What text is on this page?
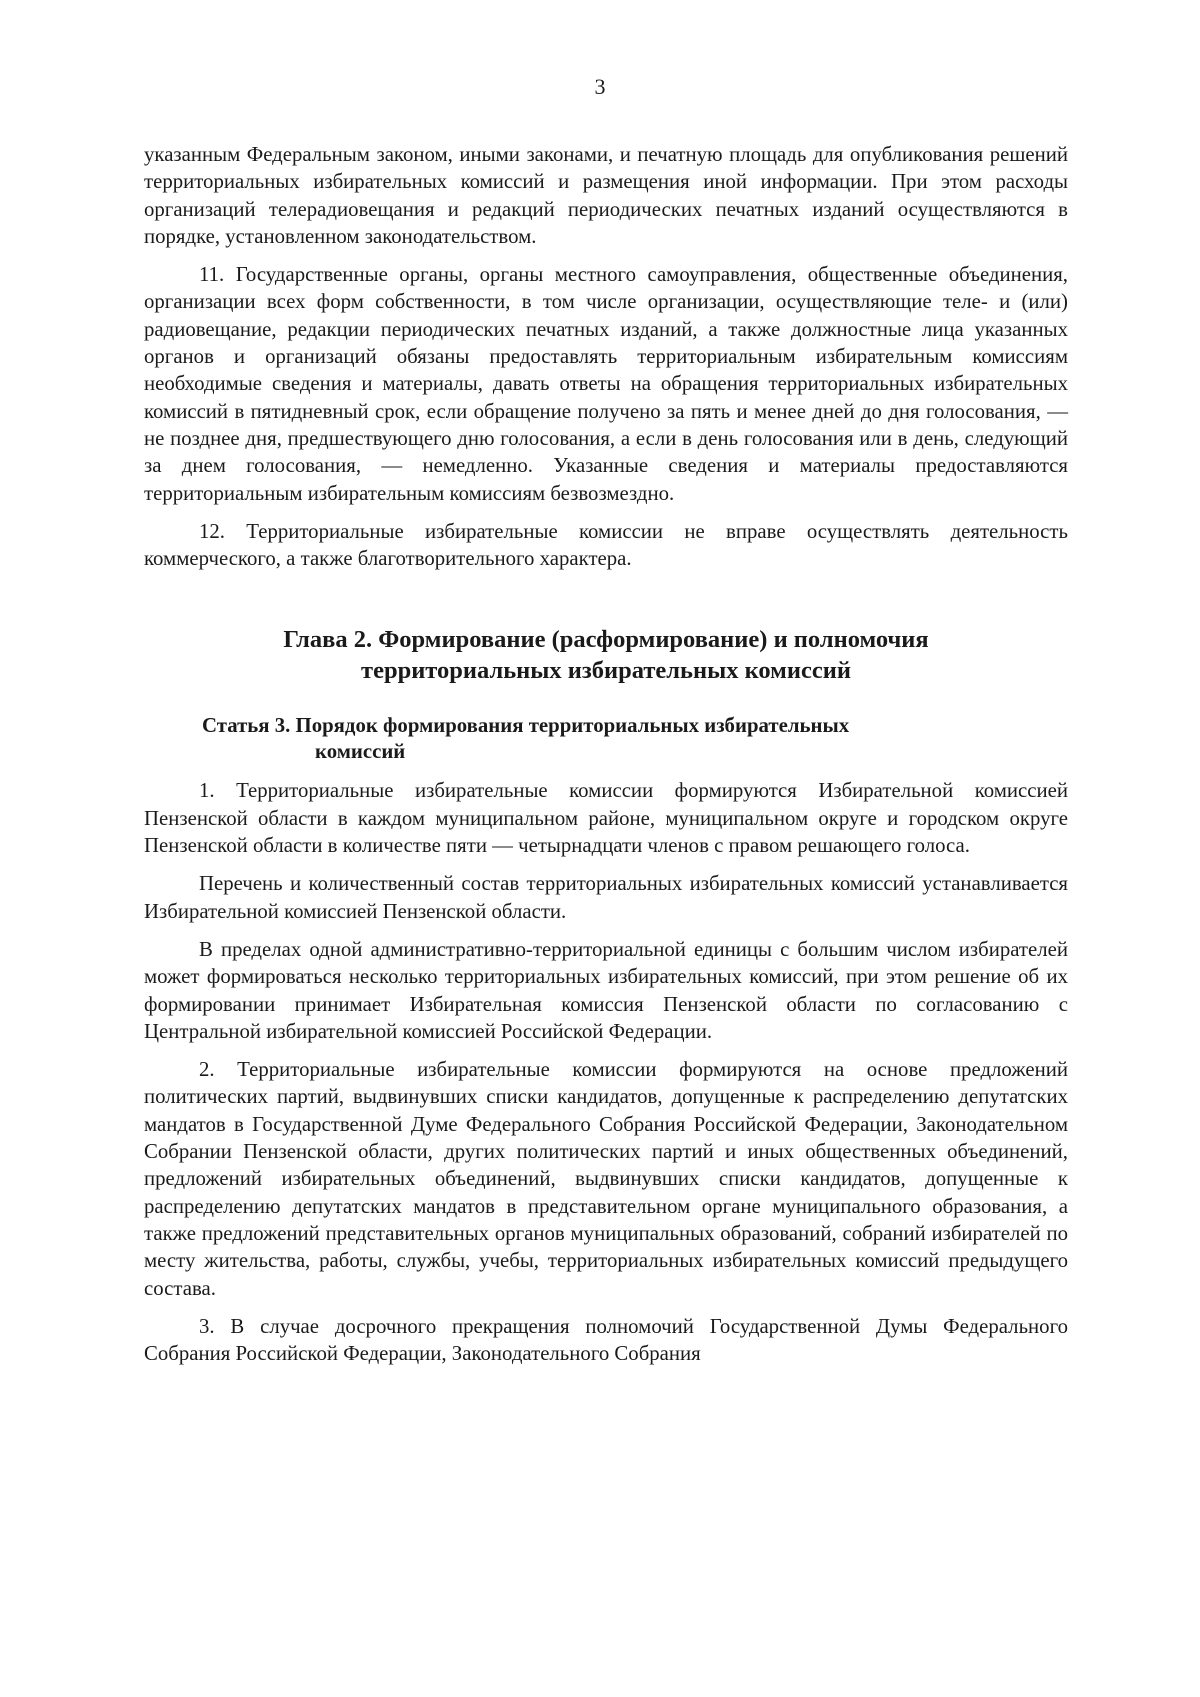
3

указанным Федеральным законом, иными законами, и печатную площадь для опубликования решений территориальных избирательных комиссий и размещения иной информации. При этом расходы организаций телерадиовещания и редакций периодических печатных изданий осуществляются в порядке, установленном законодательством.

11. Государственные органы, органы местного самоуправления, общественные объединения, организации всех форм собственности, в том числе организации, осуществляющие теле- и (или) радиовещание, редакции периодических печатных изданий, а также должностные лица указанных органов и организаций обязаны предоставлять территориальным избирательным комиссиям необходимые сведения и материалы, давать ответы на обращения территориальных избирательных комиссий в пятидневный срок, если обращение получено за пять и менее дней до дня голосования, — не позднее дня, предшествующего дню голосования, а если в день голосования или в день, следующий за днем голосования, — немедленно. Указанные сведения и материалы предоставляются территориальным избирательным комиссиям безвозмездно.

12. Территориальные избирательные комиссии не вправе осуществлять деятельность коммерческого, а также благотворительного характера.

Глава 2. Формирование (расформирование) и полномочия
территориальных избирательных комиссий
Статья 3. Порядок формирования территориальных избирательных
комиссий

1. Территориальные избирательные комиссии формируются Избирательной комиссией Пензенской области в каждом муниципальном районе, муниципальном округе и городском округе Пензенской области в количестве пяти — четырнадцати членов с правом решающего голоса.

Перечень и количественный состав территориальных избирательных комиссий устанавливается Избирательной комиссией Пензенской области.

В пределах одной административно-территориальной единицы с большим числом избирателей может формироваться несколько территориальных избирательных комиссий, при этом решение об их формировании принимает Избирательная комиссия Пензенской области по согласованию с Центральной избирательной комиссией Российской Федерации.

2. Территориальные избирательные комиссии формируются на основе предложений политических партий, выдвинувших списки кандидатов, допущенные к распределению депутатских мандатов в Государственной Думе Федерального Собрания Российской Федерации, Законодательном Собрании Пензенской области, других политических партий и иных общественных объединений, предложений избирательных объединений, выдвинувших списки кандидатов, допущенные к распределению депутатских мандатов в представительном органе муниципального образования, а также предложений представительных органов муниципальных образований, собраний избирателей по месту жительства, работы, службы, учебы, территориальных избирательных комиссий предыдущего состава.

3. В случае досрочного прекращения полномочий Государственной Думы Федерального Собрания Российской Федерации, Законодательного Собрания
